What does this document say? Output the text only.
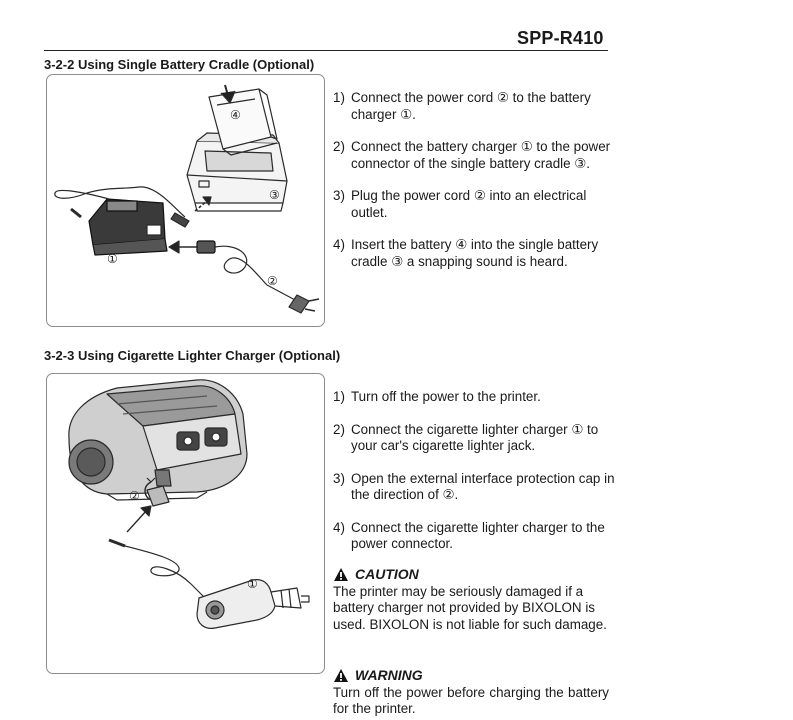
SPP-R410
3-2-2 Using Single Battery Cradle (Optional)
④
③
①
②
1) Connect the power cord ② to the battery charger ①.
2) Connect the battery charger ① to the power connector of the single battery cradle ③.
3) Plug the power cord ② into an electrical outlet.
4) Insert the battery ④ into the single battery cradle ③ a snapping sound is heard.
3-2-3 Using Cigarette Lighter Charger (Optional)
②
①
1) Turn off the power to the printer.
2) Connect the cigarette lighter charger ① to your car's cigarette lighter jack.
3) Open the external interface protection cap in the direction of ②.
4) Connect the cigarette lighter charger to the power connector.
CAUTION
The printer may be seriously damaged if a battery charger not provided by BIXOLON is used. BIXOLON is not liable for such damage.
WARNING
Turn off the power before charging the battery for the printer.
